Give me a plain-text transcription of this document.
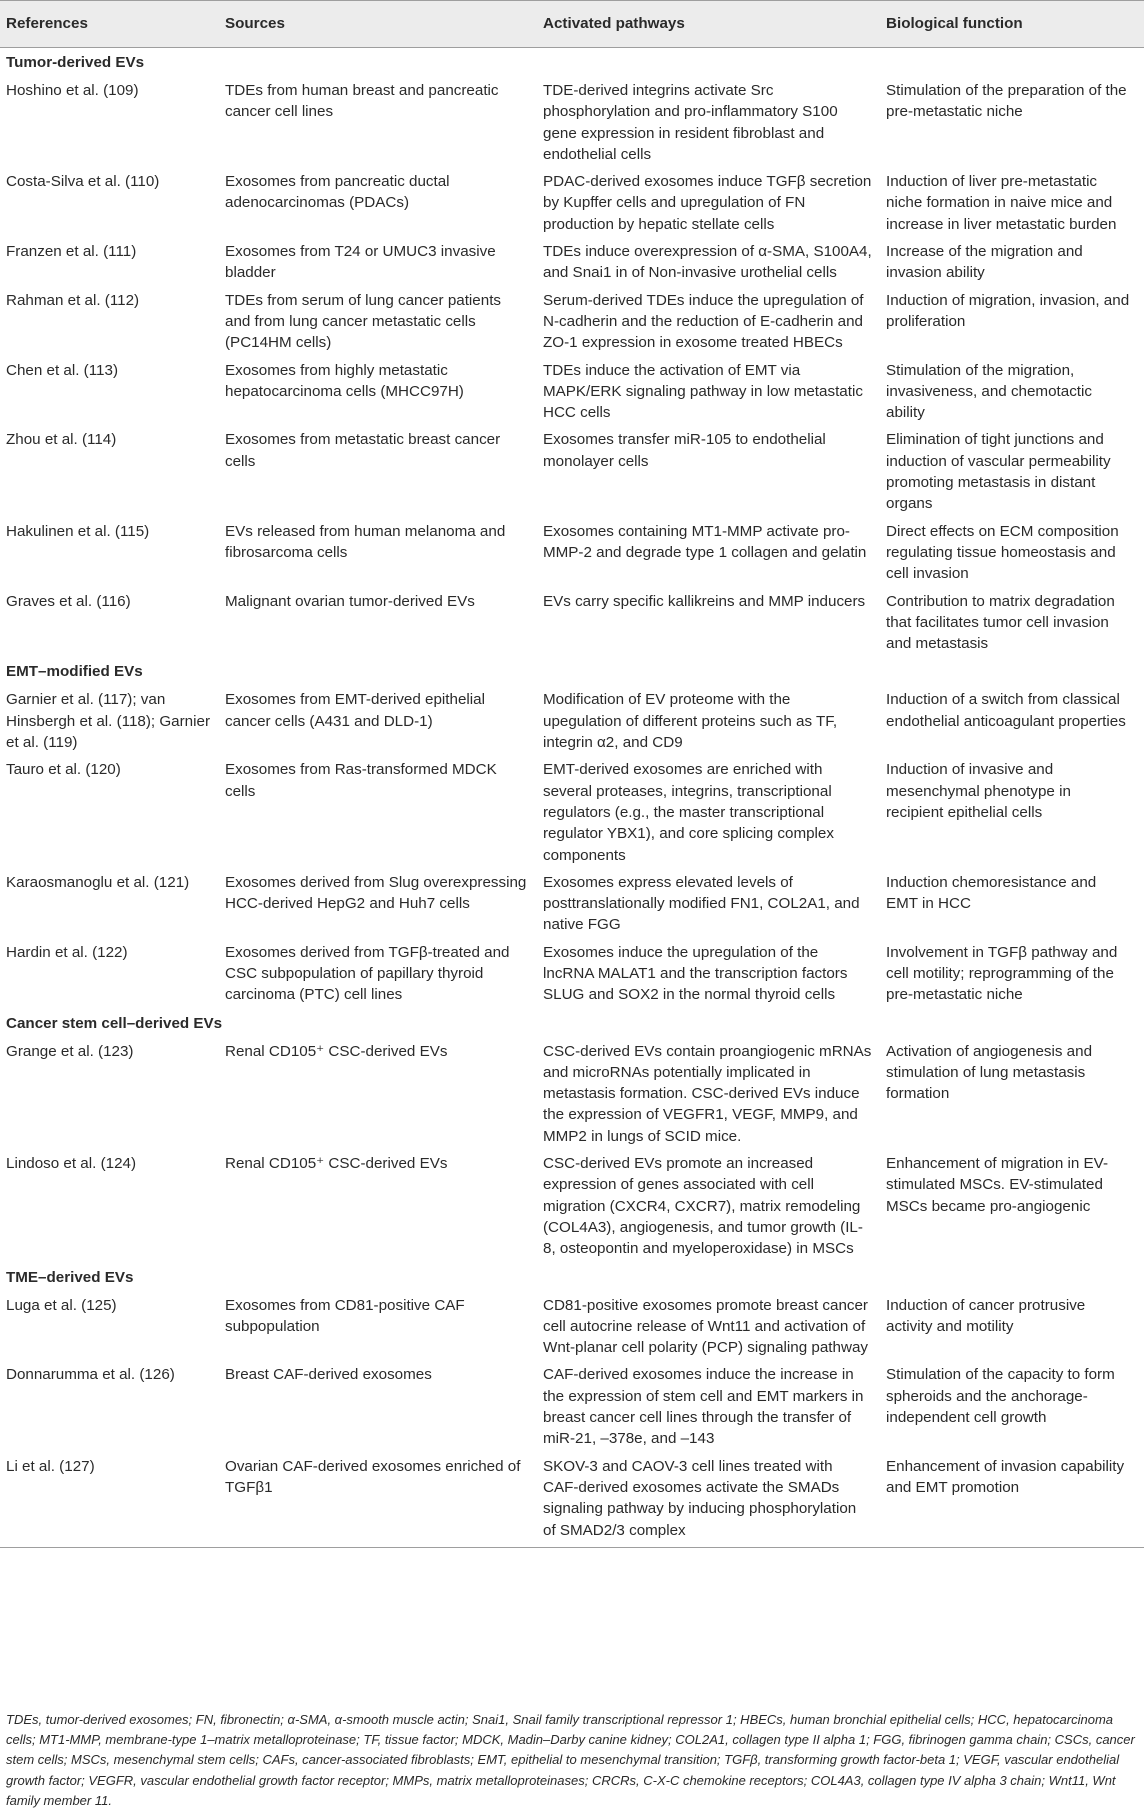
References	Sources	Activated pathways	Biological function
Tumor-derived EVs			
Hoshino et al. (109)	TDEs from human breast and pancreatic cancer cell lines	TDE-derived integrins activate Src phosphorylation and pro-inflammatory S100 gene expression in resident fibroblast and endothelial cells	Stimulation of the preparation of the pre-metastatic niche
Costa-Silva et al. (110)	Exosomes from pancreatic ductal adenocarcinomas (PDACs)	PDAC-derived exosomes induce TGFβ secretion by Kupffer cells and upregulation of FN production by hepatic stellate cells	Induction of liver pre-metastatic niche formation in naive mice and increase in liver metastatic burden
Franzen et al. (111)	Exosomes from T24 or UMUC3 invasive bladder	TDEs induce overexpression of α-SMA, S100A4, and Snai1 in of Non-invasive urothelial cells	Increase of the migration and invasion ability
Rahman et al. (112)	TDEs from serum of lung cancer patients and from lung cancer metastatic cells (PC14HM cells)	Serum-derived TDEs induce the upregulation of N-cadherin and the reduction of E-cadherin and ZO-1 expression in exosome treated HBECs	Induction of migration, invasion, and proliferation
Chen et al. (113)	Exosomes from highly metastatic hepatocarcinoma cells (MHCC97H)	TDEs induce the activation of EMT via MAPK/ERK signaling pathway in low metastatic HCC cells	Stimulation of the migration, invasiveness, and chemotactic ability
Zhou et al. (114)	Exosomes from metastatic breast cancer cells	Exosomes transfer miR-105 to endothelial monolayer cells	Elimination of tight junctions and induction of vascular permeability promoting metastasis in distant organs
Hakulinen et al. (115)	EVs released from human melanoma and fibrosarcoma cells	Exosomes containing MT1-MMP activate pro-MMP-2 and degrade type 1 collagen and gelatin	Direct effects on ECM composition regulating tissue homeostasis and cell invasion
Graves et al. (116)	Malignant ovarian tumor-derived EVs	EVs carry specific kallikreins and MMP inducers	Contribution to matrix degradation that facilitates tumor cell invasion and metastasis
EMT–modified EVs			
Garnier et al. (117); van Hinsbergh et al. (118); Garnier et al. (119)	Exosomes from EMT-derived epithelial cancer cells (A431 and DLD-1)	Modification of EV proteome with the upegulation of different proteins such as TF, integrin α2, and CD9	Induction of a switch from classical endothelial anticoagulant properties
Tauro et al. (120)	Exosomes from Ras-transformed MDCK cells	EMT-derived exosomes are enriched with several proteases, integrins, transcriptional regulators (e.g., the master transcriptional regulator YBX1), and core splicing complex components	Induction of invasive and mesenchymal phenotype in recipient epithelial cells
Karaosmanoglu et al. (121)	Exosomes derived from Slug overexpressing HCC-derived HepG2 and Huh7 cells	Exosomes express elevated levels of posttranslationally modified FN1, COL2A1, and native FGG	Induction chemoresistance and EMT in HCC
Hardin et al. (122)	Exosomes derived from TGFβ-treated and CSC subpopulation of papillary thyroid carcinoma (PTC) cell lines	Exosomes induce the upregulation of the lncRNA MALAT1 and the transcription factors SLUG and SOX2 in the normal thyroid cells	Involvement in TGFβ pathway and cell motility; reprogramming of the pre-metastatic niche
Cancer stem cell–derived EVs			
Grange et al. (123)	Renal CD105⁺ CSC-derived EVs	CSC-derived EVs contain proangiogenic mRNAs and microRNAs potentially implicated in metastasis formation. CSC-derived EVs induce the expression of VEGFR1, VEGF, MMP9, and MMP2 in lungs of SCID mice.	Activation of angiogenesis and stimulation of lung metastasis formation
Lindoso et al. (124)	Renal CD105⁺ CSC-derived EVs	CSC-derived EVs promote an increased expression of genes associated with cell migration (CXCR4, CXCR7), matrix remodeling (COL4A3), angiogenesis, and tumor growth (IL-8, osteopontin and myeloperoxidase) in MSCs	Enhancement of migration in EV-stimulated MSCs. EV-stimulated MSCs became pro-angiogenic
TME–derived EVs			
Luga et al. (125)	Exosomes from CD81-positive CAF subpopulation	CD81-positive exosomes promote breast cancer cell autocrine release of Wnt11 and activation of Wnt-planar cell polarity (PCP) signaling pathway	Induction of cancer protrusive activity and motility
Donnarumma et al. (126)	Breast CAF-derived exosomes	CAF-derived exosomes induce the increase in the expression of stem cell and EMT markers in breast cancer cell lines through the transfer of miR-21, –378e, and –143	Stimulation of the capacity to form spheroids and the anchorage-independent cell growth
Li et al. (127)	Ovarian CAF-derived exosomes enriched of TGFβ1	SKOV-3 and CAOV-3 cell lines treated with CAF-derived exosomes activate the SMADs signaling pathway by inducing phosphorylation of SMAD2/3 complex	Enhancement of invasion capability and EMT promotion
TDEs, tumor-derived exosomes; FN, fibronectin; α-SMA, α-smooth muscle actin; Snai1, Snail family transcriptional repressor 1; HBECs, human bronchial epithelial cells; HCC, hepatocarcinoma cells; MT1-MMP, membrane-type 1–matrix metalloproteinase; TF, tissue factor; MDCK, Madin–Darby canine kidney; COL2A1, collagen type II alpha 1; FGG, fibrinogen gamma chain; CSCs, cancer stem cells; MSCs, mesenchymal stem cells; CAFs, cancer-associated fibroblasts; EMT, epithelial to mesenchymal transition; TGFβ, transforming growth factor-beta 1; VEGF, vascular endothelial growth factor; VEGFR, vascular endothelial growth factor receptor; MMPs, matrix metalloproteinases; CRCRs, C-X-C chemokine receptors; COL4A3, collagen type IV alpha 3 chain; Wnt11, Wnt family member 11.
